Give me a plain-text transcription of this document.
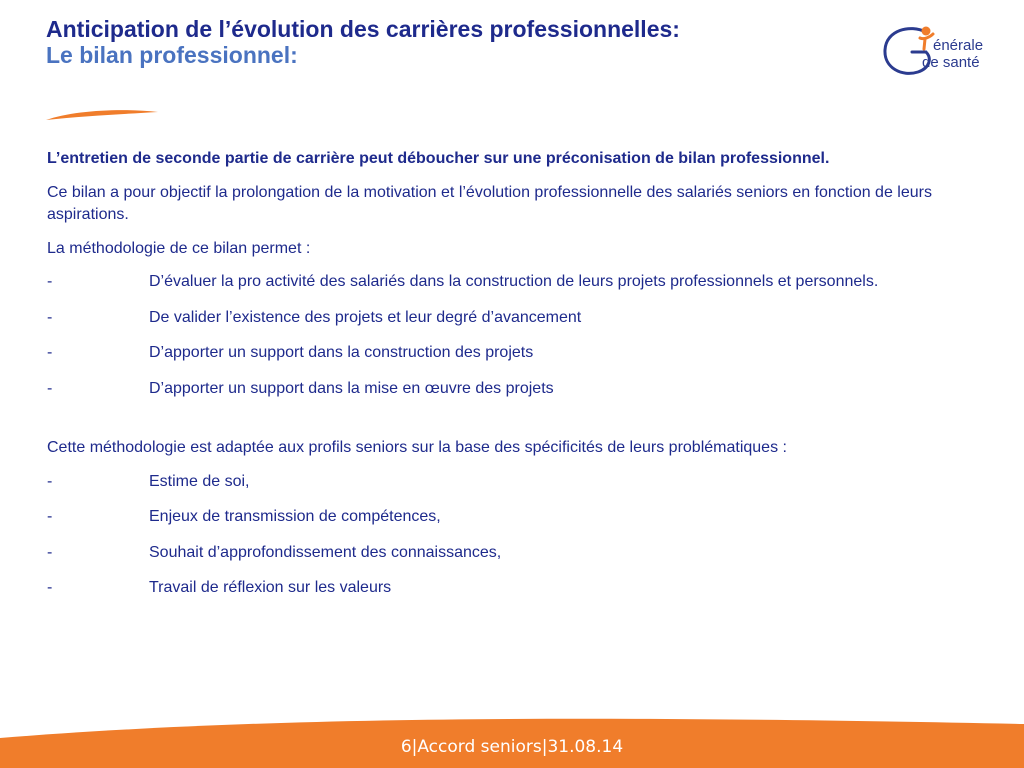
Anticipation de l’évolution des carrières professionnelles:
Le bilan professionnel:	énérale
de santé

L’entretien de seconde partie de carrière peut déboucher sur une préconisation de bilan professionnel.

Ce bilan a pour objectif la prolongation de la motivation et l’évolution professionnelle des salariés seniors en fonction de leurs aspirations.

La méthodologie de ce bilan permet :

-	D’évaluer la pro activité des salariés dans la construction de leurs projets professionnels et personnels.
-	De valider l’existence des projets et leur degré d’avancement
-	D’apporter un support dans la construction des projets
-	D’apporter un support dans la mise en œuvre des projets

Cette méthodologie est adaptée aux profils seniors sur la base des spécificités de leurs problématiques :

-	Estime de soi,
-	Enjeux de transmission de compétences,
-	Souhait d’approfondissement des connaissances,
-	Travail de réflexion sur les valeurs
6|Accord seniors|31.08.14
